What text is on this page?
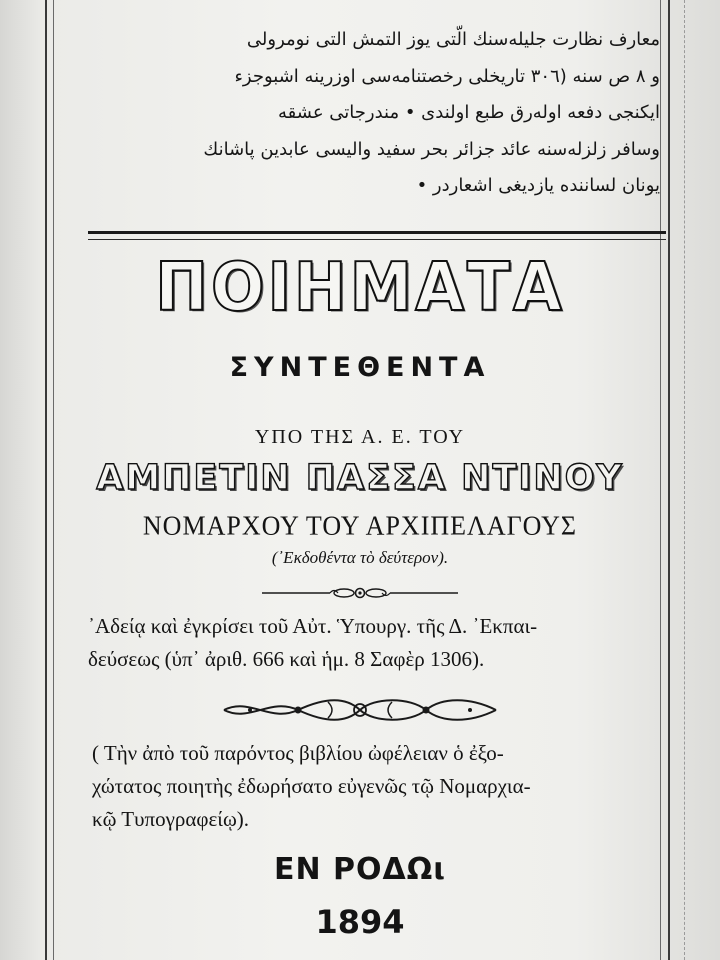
معارف نظارت جليله‌سنك الّتى يوز التمش التى نومرولى
و ٨ ص سنه (٣٠٦ تاريخلى رخصتنامه‌سى اوزرينه اشبوجزء
ايكنجى دفعه اوله‌رق طبع اولندى • مندرجاتى عشقه
وسافر زلزله‌سنه عائد جزائر بحر سفيد واليسى عابدين پاشانك
يونان لساننده يازديغى اشعاردر •
ΠΟΙΗΜΑΤΑ
ΣΥΝΤΕΘΕΝΤΑ
ΥΠΟ ΤΗΣ Α. Ε. ΤΟΥ
ΑΜΠΕΤΙΝ ΠΑΣΣΑ ΝΤΙΝΟΥ
ΝΟΜΑΡΧΟΥ ΤΟΥ ΑΡΧΙΠΕΛΑΓΟΥΣ
(᾿Εκδοθέντα τὸ δεύτερον).
᾿Αδείᾳ καὶ ἐγκρίσει τοῦ Αὐτ. Ὑπουργ. τῆς Δ. ᾿Εκπαι-
δεύσεως (ὑπ᾿ ἀριθ. 666 καὶ ἡμ. 8 Σαφὲρ 1306).
( Τὴν ἀπὸ τοῦ παρόντος βιβλίου ὠφέλειαν ὁ ἐξο-
χώτατος ποιητὴς ἐδωρήσατο εὐγενῶς τῷ Νομαρχια-
κῷ Τυπογραφείῳ).
ΕΝ ΡΟΔΩι
1894
